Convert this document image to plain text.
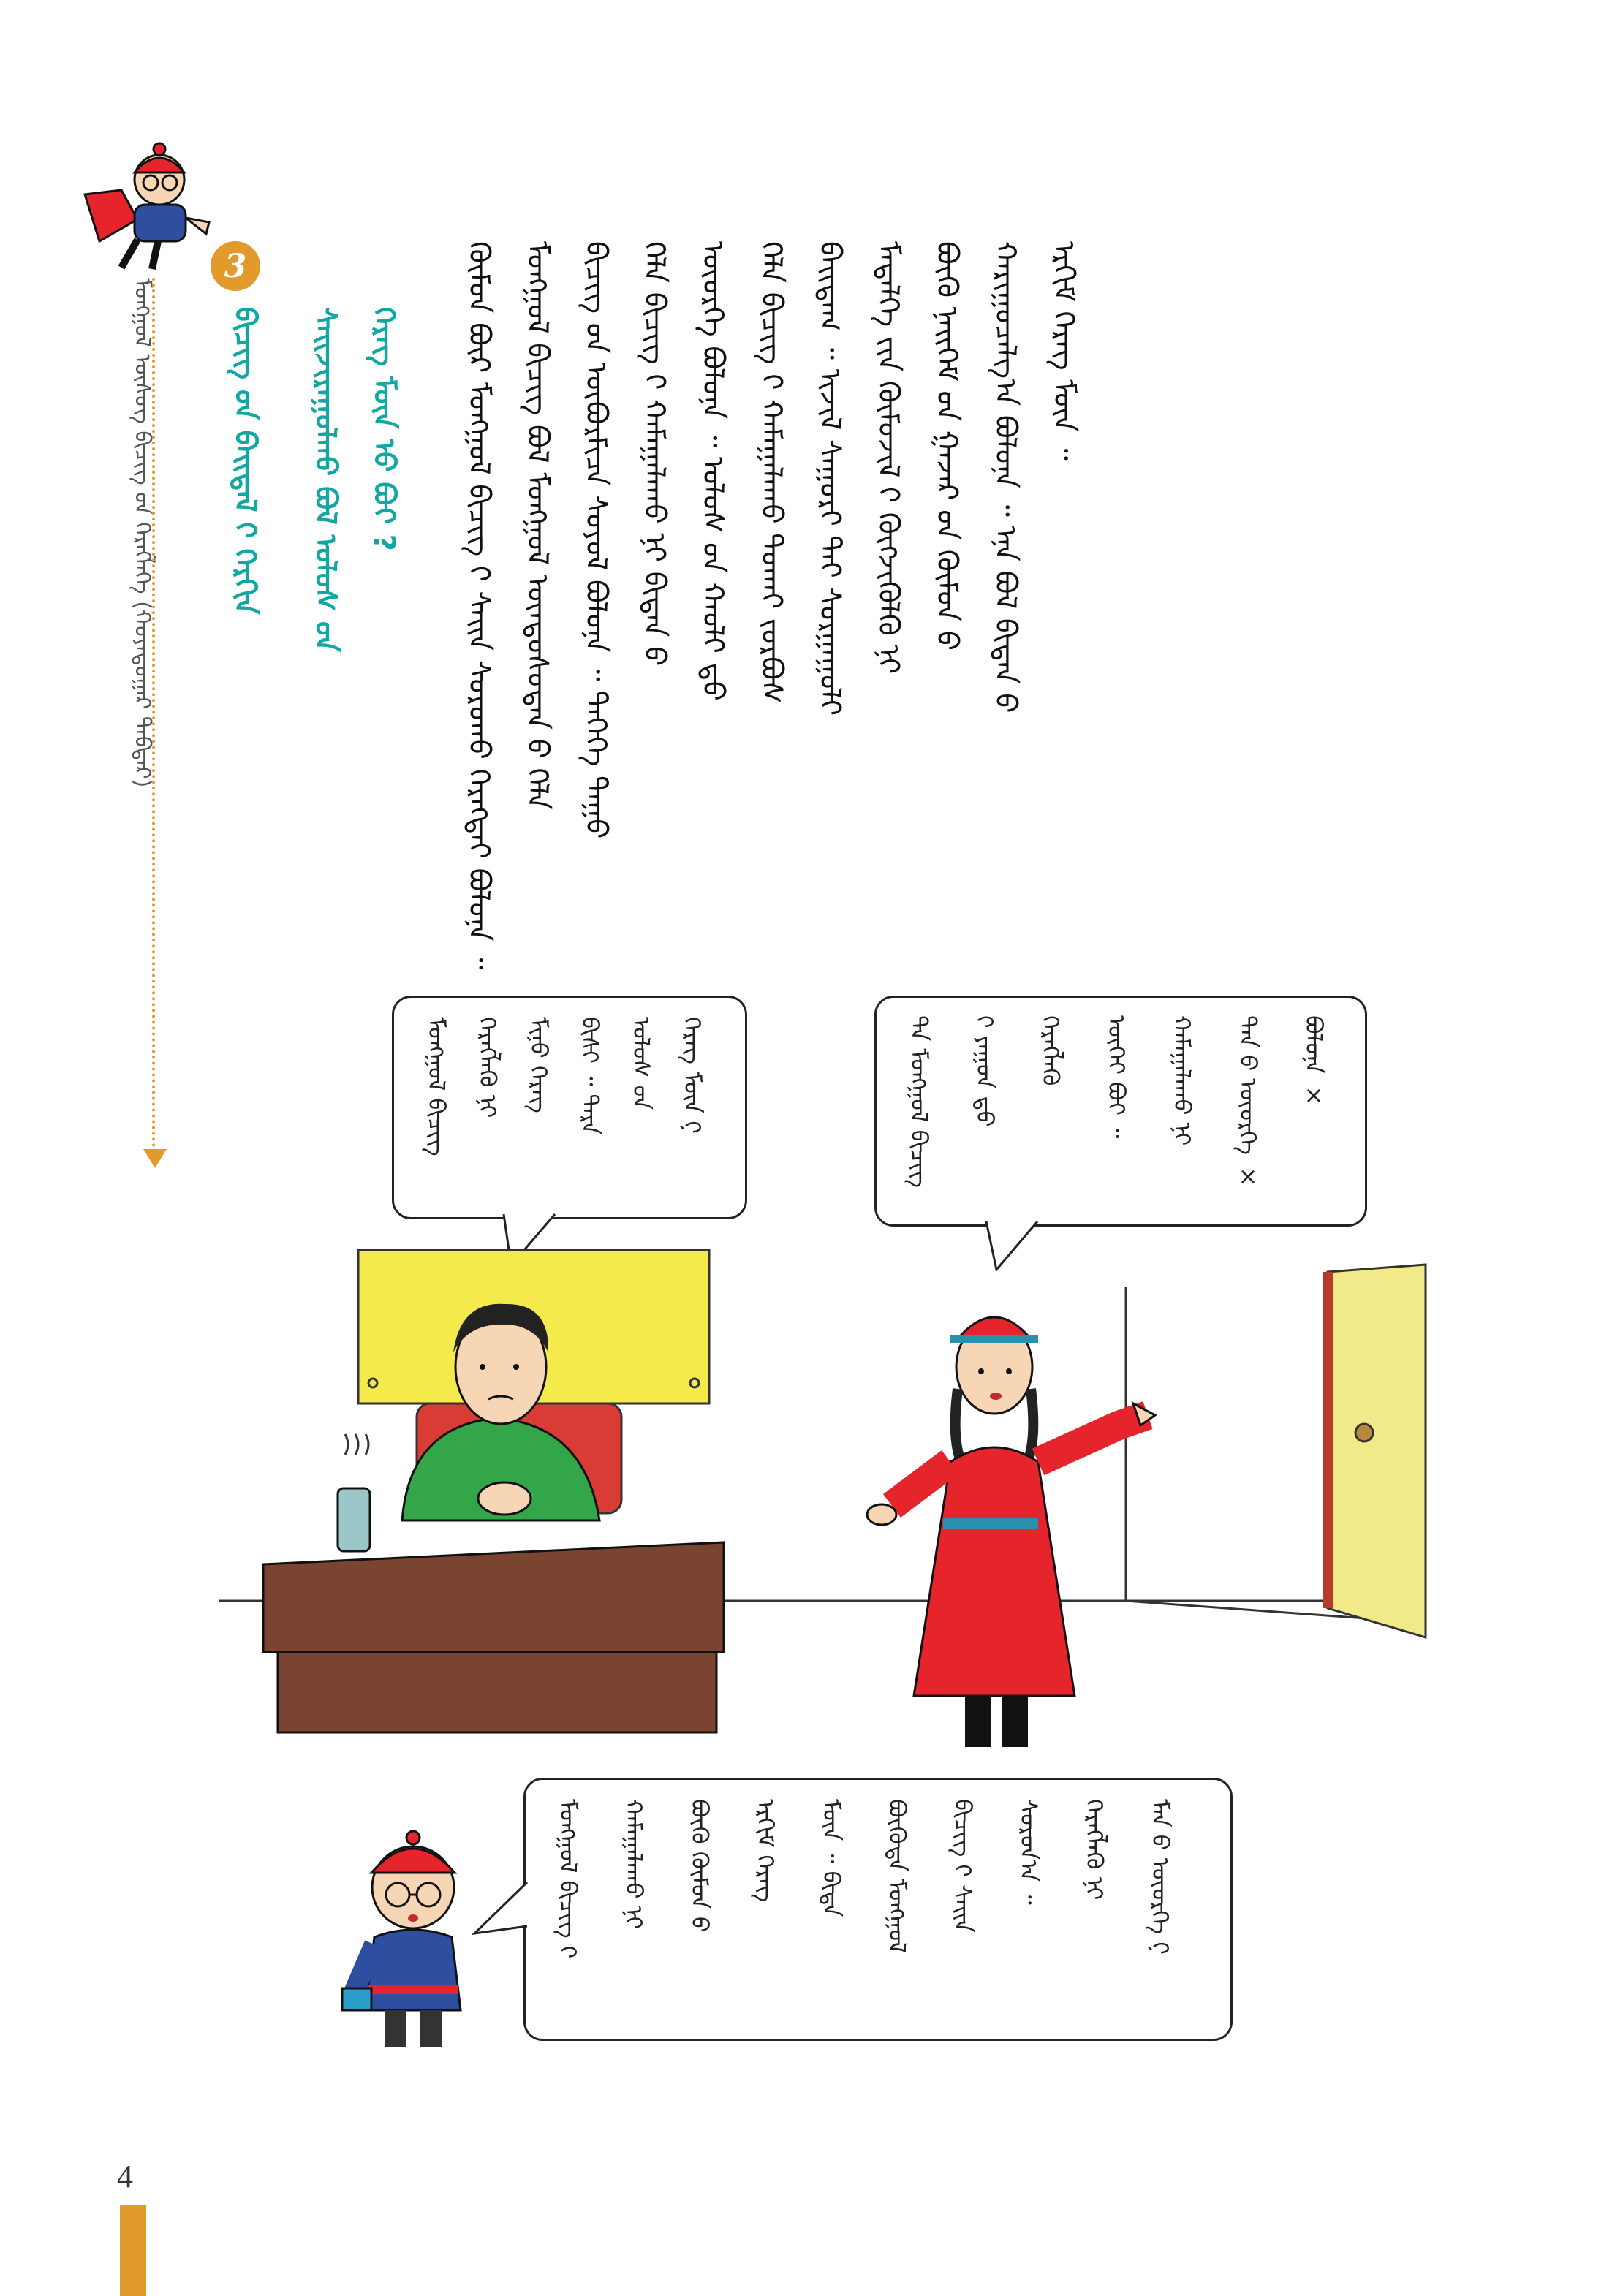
ᠮᠣᠩᠭᠣᠯ ᠦᠰᠦᠭ ᠪᠢᠴᠢᠭ ᠤ᠋ᠨ ᠬᠡᠷᠡᠭᠯᠡᠭᠡ (ᠬᠣᠶᠠᠳᠤᠭᠠᠷ ᠳᠡᠪᠲᠡᠷ)
3
ᠪᠢᠴᠢᠭ ᠦ᠋ᠨ ᠪᠠᠢᠳᠠᠯ ᠢ᠋ ᠬᠡᠷᠬᠢᠨ	ᠰᠠᠢᠵᠢᠷᠠᠭᠤᠯᠬᠤ ᠪᠣᠯ ᠤᠯᠤᠰ ᠤ᠋ᠨ ᠬᠡᠷᠡᠭ ᠮᠦᠨ ᠦ᠋ ᠪᠣᠢ ?	ᠬᠦᠮᠦᠨ ᠪᠦᠷ ᠮᠣᠩᠭᠣᠯ ᠪᠢᠴᠢᠭ ᠢ᠋ ᠰᠠᠢᠨ ᠰᠤᠷᠤᠬᠤ ᠬᠡᠷᠡᠭᠲᠡᠢ ᠪᠣᠯᠤᠨᠠ ᠃ ᠮᠣᠩᠭᠣᠯ ᠪᠢᠴᠢᠭ ᠪᠣᠯ ᠮᠣᠩᠭᠣᠯ ᠦᠨᠳᠦᠰᠦᠲᠡᠨ ᠦ᠌ ᠬᠡᠯᠡ ᠪᠢᠴᠢᠭ ᠦ᠋ᠨ ᠥᠪᠦᠷᠮᠢᠴᠡ ᠰᠣᠶᠤᠯ ᠪᠣᠯᠤᠨᠠ ᠃ ᠲᠡᠭᠡᠭᠡ ᠳᠠᠭᠤ ᠬᠡᠯᠡ ᠪᠢᠴᠢᠭ ᠢ᠋ ᠬᠠᠮᠠᠭᠠᠯᠠᠬᠤ ᠨᠢ ᠪᠢᠳᠡᠨ ᠦ᠌ ᠦᠦᠷᠭᠡ ᠪᠣᠯᠤᠨᠠ ᠃ ᠤᠯᠤᠰ ᠦ᠋ᠨ ᠬᠠᠤᠯᠢ ᠳ᠋ᠤ᠌ ᠬᠡᠯᠡ ᠪᠢᠴᠢᠭ ᠢ᠋ ᠬᠠᠮᠠᠭᠠᠯᠠᠬᠤ ᠲᠤᠬᠠᠢ ᠵᠤᠷᠪᠤᠰ ᠪᠠᠢᠳᠠᠭ ᠃ ᠢᠵᠢᠯ ᠰᠠᠭᠤᠷᠢ ᠲᠠᠢ ᠰᠤᠷᠭᠠᠭᠤᠯᠢ ᠮᠡᠳᠡᠯᠭᠡ ᠶ᠋ᠢᠨ ᠬᠦᠮᠦᠵᠢᠯ ᠢ᠋ ᠬᠥᠭᠵᠢᠭᠦᠯᠬᠦ ᠨᠢ ᠪᠦᠬᠦ ᠨᠡᠢᠭᠡᠮ ᠦ᠋ᠨ ᠭᠠᠵᠠᠷ ᠤ᠋ᠨ ᠬᠦᠮᠦᠨ ᠦ᠌ ᠬᠠᠷᠢᠭᠤᠴᠠᠯᠭ᠎ᠠ ᠪᠣᠯᠤᠨᠠ ᠃ ᠡᠨᠡ ᠪᠣᠯ ᠪᠢᠳᠡᠨ ᠦ᠌ ᠡᠷᠬᠢᠮ ᠬᠡᠷᠡᠭ ᠮᠥᠨ ᠃
ᠮᠣᠩᠭᠣᠯ ᠪᠢᠴᠢᠭ ᠬᠡᠷᠡᠭᠯᠡᠬᠦ ᠨᠢ ᠮᠢᠨᠦ ᠬᠡᠷᠡᠭ ᠪᠢᠰᠢ ᠃ ᠲᠡᠷᠡ ᠤᠯᠤᠰ ᠤ᠋ᠨ ᠬᠡᠷᠡᠭ ᠮᠥᠨ ᠢ᠌	ᠲᠠ ᠮᠣᠩᠭᠣᠯ ᠪᠢᠴᠢᠭ ᠢ᠋ ᠶᠠᠭᠤᠨ ᠳ᠋ᠤ᠌ ᠬᠡᠷᠡᠭᠯᠡᠬᠦ ᠦᠭᠡᠢ ᠪᠣᠢ ᠃ ᠬᠠᠮᠠᠭᠠᠯᠠᠬᠤ ᠨᠢ ᠲᠠᠨ ᠤ᠋ ᠦᠦᠷᠭᠡ × ᠪᠣᠯᠤᠨᠠ ×
ᠮᠣᠩᠭᠣᠯ ᠪᠢᠴᠢᠭ ᠢ᠋ ᠬᠠᠮᠠᠭᠠᠯᠠᠬᠤ ᠨᠢ ᠪᠦᠬᠦ ᠬᠦᠮᠦᠨ ᠦ᠌ ᠡᠷᠬᠢᠮ ᠬᠡᠷᠡᠭ ᠮᠥᠨ ᠃ ᠪᠢᠳᠡ ᠪᠦᠭᠦᠳᠡ ᠮᠣᠩᠭᠣᠯ ᠪᠢᠴᠢᠭ ᠢ᠋ ᠰᠠᠢᠨ ᠰᠤᠷᠤᠨ᠎ᠠ ᠃ ᠬᠡᠷᠡᠭᠯᠡᠬᠦ ᠨᠢ ᠮᠠᠨ ᠤ᠋ ᠦᠦᠷᠭᠡ ᠢ᠌
4
